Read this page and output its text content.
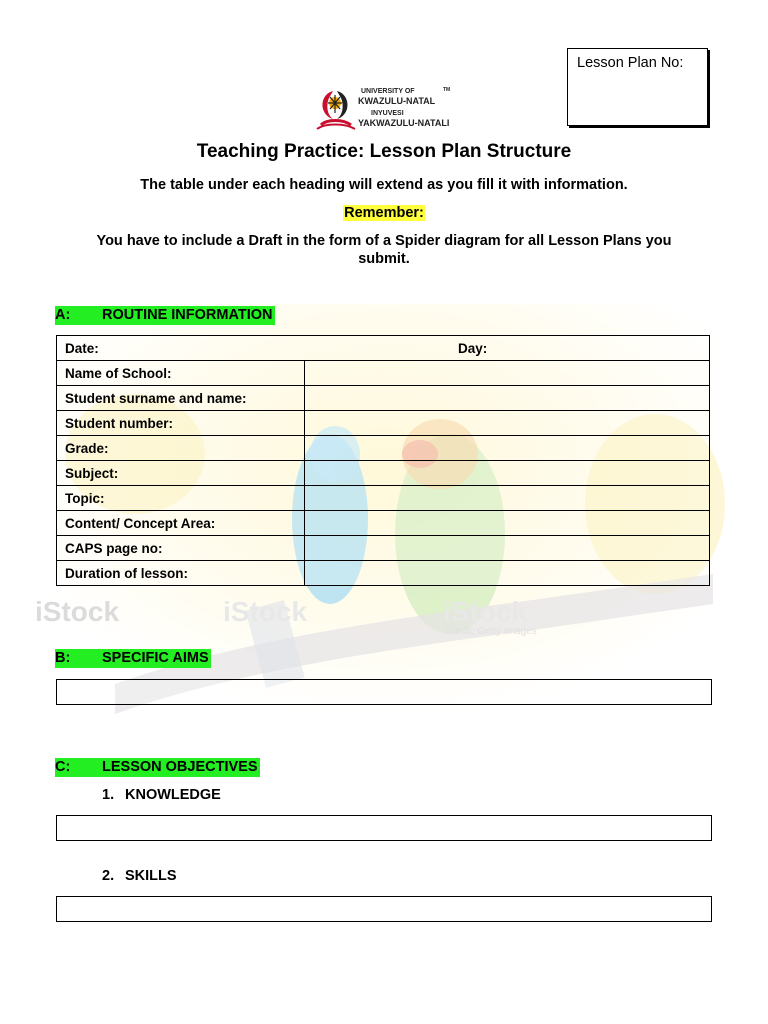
Lesson Plan No:
UNIVERSITY OF
KWAZULU-NATAL
INYUVESI
YAKWAZULU-NATALI
TM
Teaching Practice: Lesson Plan Structure
The table under each heading will extend as you fill it with information.
Remember:
You have to include a Draft in the form of a Spider diagram for all Lesson Plans you submit.
iStock	iStock	iStock
Credit: Getty Images
A: ROUTINE INFORMATION
Date: Day:	

Name of School:	
Student surname and name:	
Student number:	
Grade:	
Subject:	
Topic:	
Content/ Concept Area:	
CAPS page no:	
Duration of lesson:	
B: SPECIFIC AIMS
C: LESSON OBJECTIVES
1. KNOWLEDGE
2. SKILLS
